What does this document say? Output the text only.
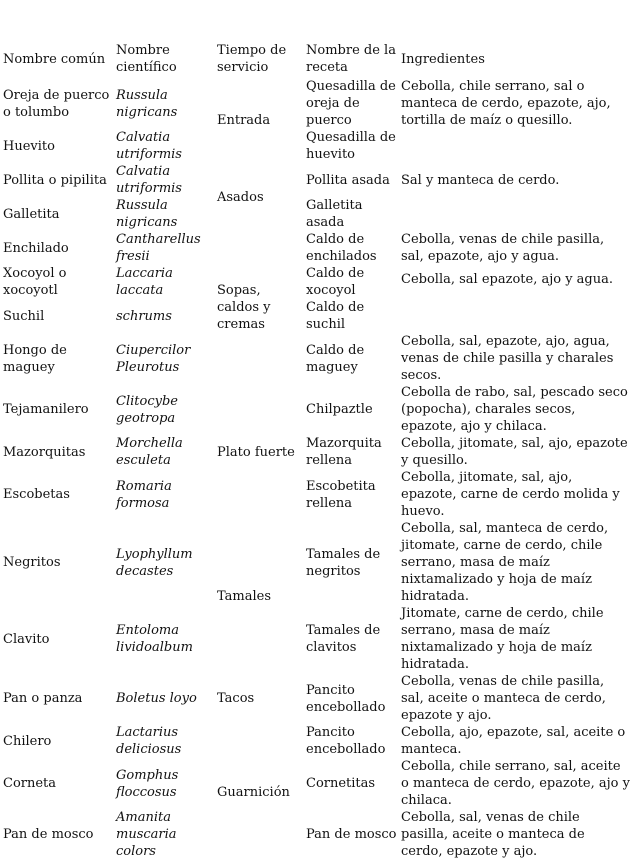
Nombre común	Nombre científico	Tiempo de servicio	Nombre de la receta	Ingredientes
Oreja de puerco o tolumbo	Russula nigricans	Entrada	Quesadilla de oreja de puerco	Cebolla, chile serrano, sal o manteca de cerdo, epazote, ajo, tortilla de maíz o quesillo.
Huevito	Calvatia utriformis		Quesadilla de huevito	
Pollita o pipilita	Calvatia utriformis	Asados	Pollita asada	Sal y manteca de cerdo.
Galletita	Russula nigricans		Galletita asada	
Enchilado	Cantharellus fresii	Sopas, caldos y cremas	Caldo de enchilados	Cebolla, venas de chile pasilla, sal, epazote, ajo y agua.
Xocoyol o xocoyotl	Laccaria laccata		Caldo de xocoyol	Cebolla, sal epazote, ajo y agua.
Suchil	schrums		Caldo de suchil	
Hongo de maguey	Ciupercilor Pleurotus		Caldo de maguey	Cebolla, sal, epazote, ajo, agua, venas de chile pasilla y charales secos.
Tejamanilero	Clitocybe geotropa	Plato fuerte	Chilpaztle	Cebolla de rabo, sal, pescado seco (popocha), charales secos, epazote, ajo y chilaca.
Mazorquitas	Morchella esculeta		Mazorquita rellena	Cebolla, jitomate, sal, ajo, epazote y quesillo.
Escobetas	Romaria formosa		Escobetita rellena	Cebolla, jitomate, sal, ajo, epazote, carne de cerdo molida y huevo.
Negritos	Lyophyllum decastes	Tamales	Tamales de negritos	Cebolla, sal, manteca de cerdo, jitomate, carne de cerdo, chile serrano, masa de maíz nixtamalizado y hoja de maíz hidratada.
Clavito	Entoloma lividoalbum		Tamales de clavitos	Jitomate, carne de cerdo, chile serrano, masa de maíz nixtamalizado y hoja de maíz hidratada.
Pan o panza	Boletus loyo	Tacos	Pancito encebollado	Cebolla, venas de chile pasilla, sal, aceite o manteca de cerdo, epazote y ajo.
Chilero	Lactarius deliciosus	Guarnición	Pancito encebollado	Cebolla, ajo, epazote, sal, aceite o manteca.
Corneta	Gomphus floccosus		Cornetitas	Cebolla, chile serrano, sal, aceite o manteca de cerdo, epazote, ajo y chilaca.
Pan de mosco	Amanita muscaria colors		Pan de mosco	Cebolla, sal, venas de chile pasilla, aceite o manteca de cerdo, epazote y ajo.
